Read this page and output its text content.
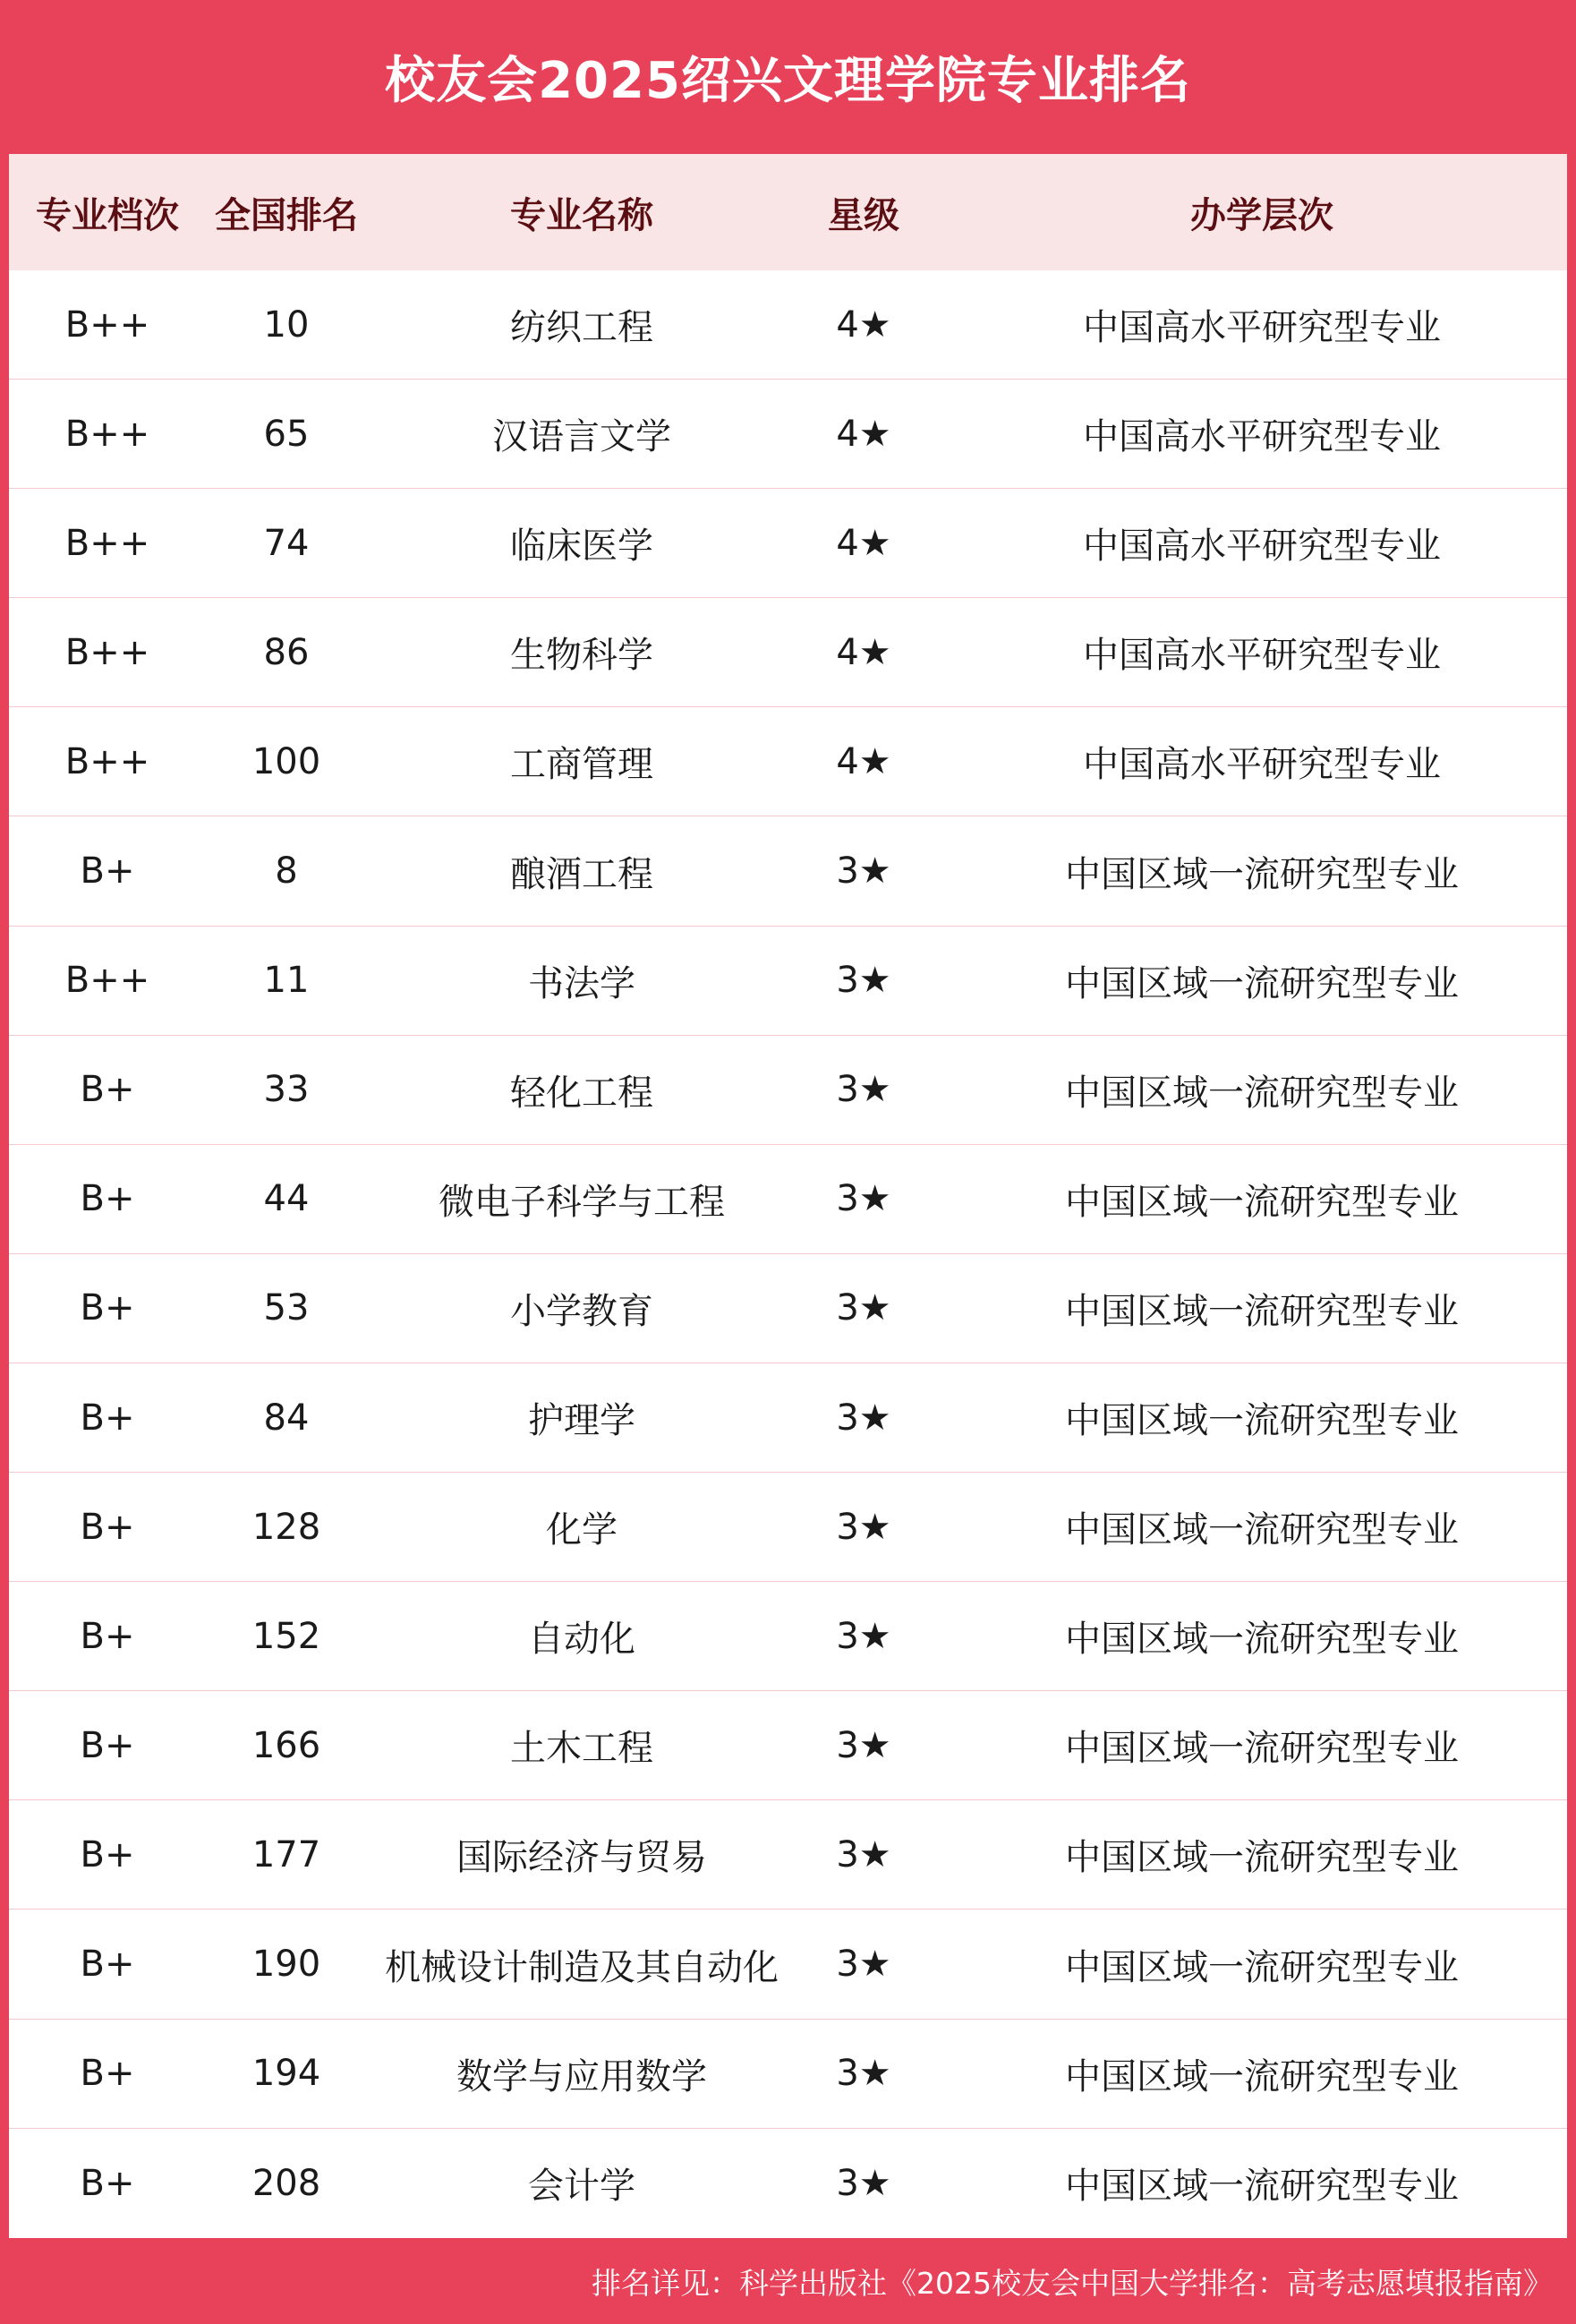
校友会2025绍兴文理学院专业排名
专业档次	全国排名	专业名称	星级	办学层次
B++	10	纺织工程	4★	中国高水平研究型专业
B++	65	汉语言文学	4★	中国高水平研究型专业
B++	74	临床医学	4★	中国高水平研究型专业
B++	86	生物科学	4★	中国高水平研究型专业
B++	100	工商管理	4★	中国高水平研究型专业
B+	8	酿酒工程	3★	中国区域一流研究型专业
B++	11	书法学	3★	中国区域一流研究型专业
B+	33	轻化工程	3★	中国区域一流研究型专业
B+	44	微电子科学与工程	3★	中国区域一流研究型专业
B+	53	小学教育	3★	中国区域一流研究型专业
B+	84	护理学	3★	中国区域一流研究型专业
B+	128	化学	3★	中国区域一流研究型专业
B+	152	自动化	3★	中国区域一流研究型专业
B+	166	土木工程	3★	中国区域一流研究型专业
B+	177	国际经济与贸易	3★	中国区域一流研究型专业
B+	190	机械设计制造及其自动化	3★	中国区域一流研究型专业
B+	194	数学与应用数学	3★	中国区域一流研究型专业
B+	208	会计学	3★	中国区域一流研究型专业
排名详见：科学出版社《2025校友会中国大学排名：高考志愿填报指南》
